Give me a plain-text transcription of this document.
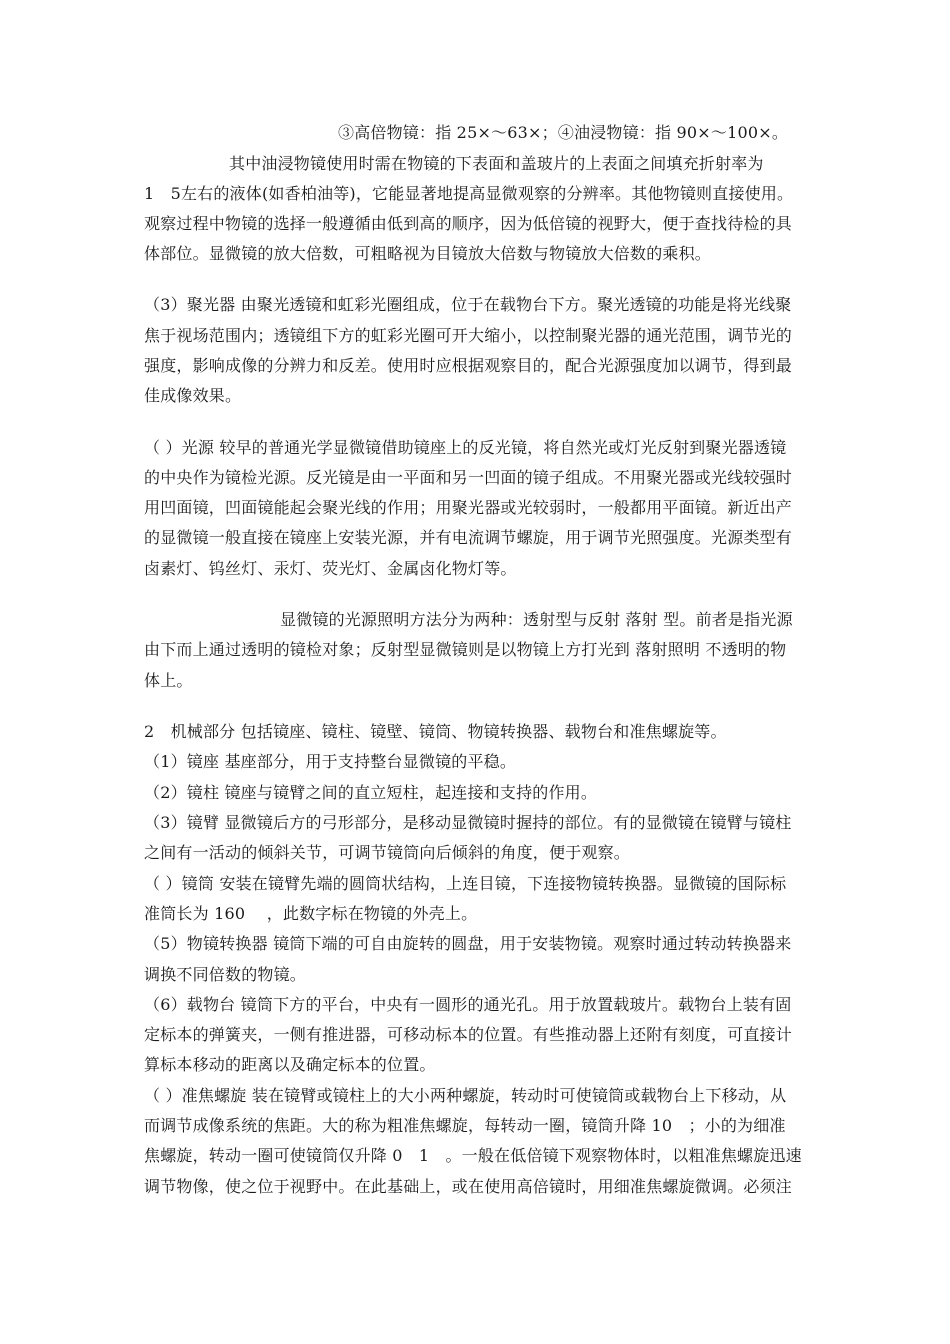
③高倍物镜：指 25×～63×；④油浸物镜：指 90×～100×。
其中油浸物镜使用时需在物镜的下表面和盖玻片的上表面之间填充折射率为
1　5左右的液体(如香柏油等)，它能显著地提高显微观察的分辨率。其他物镜则直接使用。
观察过程中物镜的选择一般遵循由低到高的顺序，因为低倍镜的视野大，便于查找待检的具
体部位。显微镜的放大倍数，可粗略视为目镜放大倍数与物镜放大倍数的乘积。
（3）聚光器 由聚光透镜和虹彩光圈组成，位于在载物台下方。聚光透镜的功能是将光线聚
焦于视场范围内；透镜组下方的虹彩光圈可开大缩小，以控制聚光器的通光范围，调节光的
强度，影响成像的分辨力和反差。使用时应根据观察目的，配合光源强度加以调节，得到最
佳成像效果。
（ ）光源 较早的普通光学显微镜借助镜座上的反光镜，将自然光或灯光反射到聚光器透镜
的中央作为镜检光源。反光镜是由一平面和另一凹面的镜子组成。不用聚光器或光线较强时
用凹面镜，凹面镜能起会聚光线的作用；用聚光器或光较弱时，一般都用平面镜。新近出产
的显微镜一般直接在镜座上安装光源，并有电流调节螺旋，用于调节光照强度。光源类型有
卤素灯、钨丝灯、汞灯、荧光灯、金属卤化物灯等。
显微镜的光源照明方法分为两种：透射型与反射 落射 型。前者是指光源
由下而上通过透明的镜检对象；反射型显微镜则是以物镜上方打光到 落射照明 不透明的物
体上。
2　机械部分 包括镜座、镜柱、镜壁、镜筒、物镜转换器、载物台和准焦螺旋等。
（1）镜座 基座部分，用于支持整台显微镜的平稳。
（2）镜柱 镜座与镜臂之间的直立短柱，起连接和支持的作用。
（3）镜臂 显微镜后方的弓形部分，是移动显微镜时握持的部位。有的显微镜在镜臂与镜柱
之间有一活动的倾斜关节，可调节镜筒向后倾斜的角度，便于观察。
（ ）镜筒 安装在镜臂先端的圆筒状结构，上连目镜，下连接物镜转换器。显微镜的国际标
准筒长为 160　 ，此数字标在物镜的外壳上。
（5）物镜转换器 镜筒下端的可自由旋转的圆盘，用于安装物镜。观察时通过转动转换器来
调换不同倍数的物镜。
（6）载物台 镜筒下方的平台，中央有一圆形的通光孔。用于放置载玻片。载物台上装有固
定标本的弹簧夹，一侧有推进器，可移动标本的位置。有些推动器上还附有刻度，可直接计
算标本移动的距离以及确定标本的位置。
（ ）准焦螺旋 装在镜臂或镜柱上的大小两种螺旋，转动时可使镜筒或载物台上下移动，从
而调节成像系统的焦距。大的称为粗准焦螺旋，每转动一圈，镜筒升降 10　；小的为细准
焦螺旋，转动一圈可使镜筒仅升降 0　1　。一般在低倍镜下观察物体时，以粗准焦螺旋迅速
调节物像，使之位于视野中。在此基础上，或在使用高倍镜时，用细准焦螺旋微调。必须注
